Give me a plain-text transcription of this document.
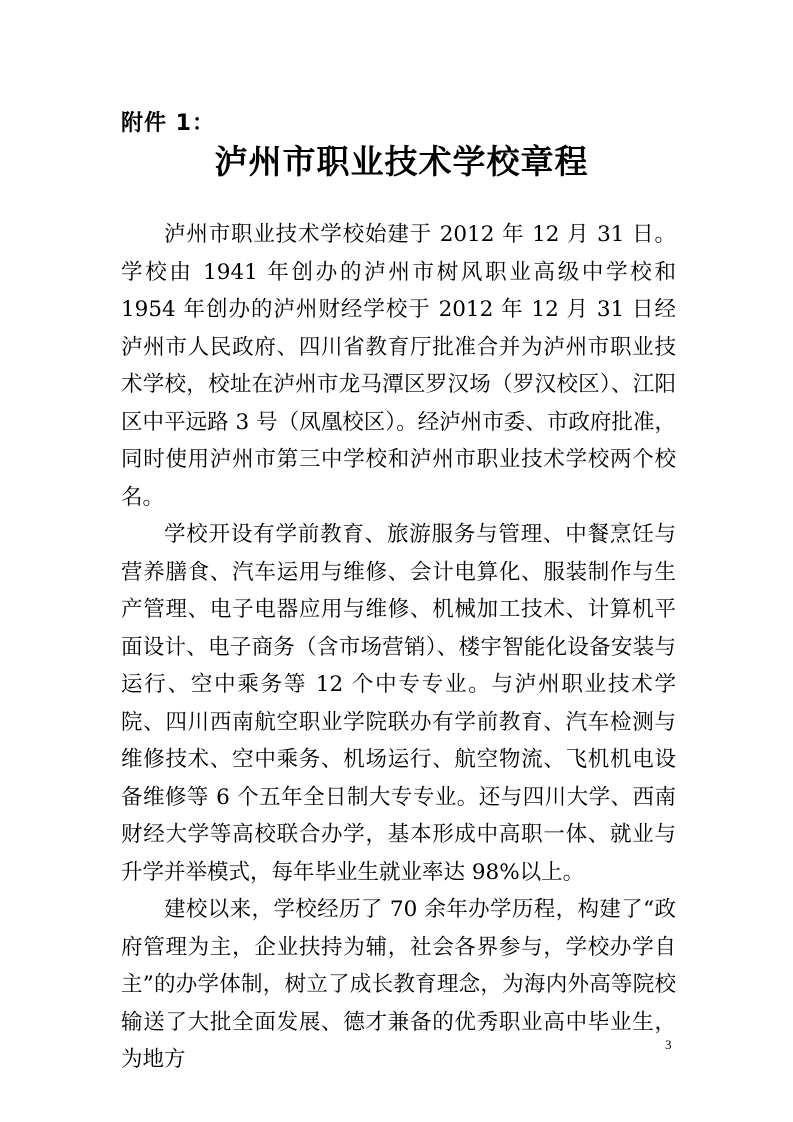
附件 1：
泸州市职业技术学校章程

泸州市职业技术学校始建于 2012 年 12 月 31 日。学校由 1941 年创办的泸州市树风职业高级中学校和 1954 年创办的泸州财经学校于 2012 年 12 月 31 日经泸州市人民政府、四川省教育厅批准合并为泸州市职业技术学校，校址在泸州市龙马潭区罗汉场（罗汉校区）、江阳区中平远路 3 号（凤凰校区）。经泸州市委、市政府批准，同时使用泸州市第三中学校和泸州市职业技术学校两个校名。

学校开设有学前教育、旅游服务与管理、中餐烹饪与营养膳食、汽车运用与维修、会计电算化、服装制作与生产管理、电子电器应用与维修、机械加工技术、计算机平面设计、电子商务（含市场营销）、楼宇智能化设备安装与运行、空中乘务等 12 个中专专业。与泸州职业技术学院、四川西南航空职业学院联办有学前教育、汽车检测与维修技术、空中乘务、机场运行、航空物流、飞机机电设备维修等 6 个五年全日制大专专业。还与四川大学、西南财经大学等高校联合办学，基本形成中高职一体、就业与升学并举模式，每年毕业生就业率达 98%以上。

建校以来，学校经历了 70 余年办学历程，构建了“政府管理为主，企业扶持为辅，社会各界参与，学校办学自主”的办学体制，树立了成长教育理念，为海内外高等院校输送了大批全面发展、德才兼备的优秀职业高中毕业生，为地方

3
